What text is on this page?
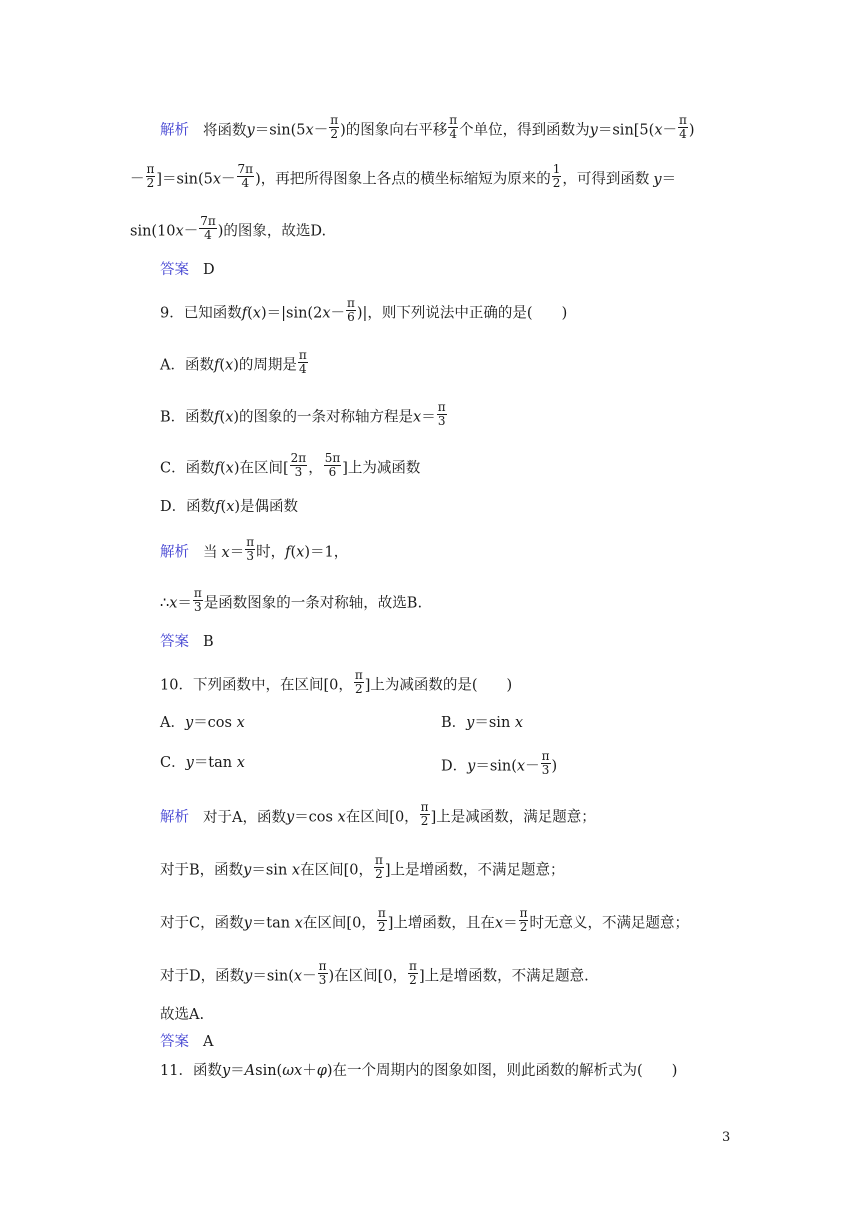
解析 将函数$y=\sin(5x- \frac{\pi}{2}$ )的图象向右平移 $\frac{\pi}{4}$ 个单位，得到函数为$y=\sin[5(x- \frac{\pi}{4}$ )
－ $\frac{\pi}{2} ]=\sin(5x- \frac{7\pi}{4}$ )，再把所得图象上各点的横坐标缩短为原来的 $\frac{1}{2}$ ，可得到函数 y＝
$\sin(10x- \frac{7\pi}{4}$ )的图象，故选D.
答案 D
9．已知函数$f(x)=|\sin(2x- \frac{\pi}{6}$ )|，则下列说法中正确的是(　　)
A．函数f(x)的周期是 $\frac{\pi}{4}$
B．函数f(x)的图象的一条对称轴方程是$x= \frac{\pi}{3}$
C．函数f(x)在区间[ $\frac{2\pi}{3}$ ， $\frac{5\pi}{6}$ ]上为减函数
D．函数f(x)是偶函数
解析 当 $x= \frac{\pi}{3}$ 时，f(x)＝1，
∴x＝ $\frac{\pi}{3}$ 是函数图象的一条对称轴，故选B.
答案 B
10．下列函数中，在区间[0， $\frac{\pi}{2}$ ]上为减函数的是(　　)
A．y＝cos x	B．y＝sin x
C．y＝tan x	D．$y=\sin(x- \frac{\pi}{3}$ )
解析 对于A，函数y＝cos x在区间[0， $\frac{\pi}{2}$ ]上是减函数，满足题意；
对于B，函数y＝sin x在区间[0， $\frac{\pi}{2}$ ]上是增函数，不满足题意；
对于C，函数y＝tan x在区间[0， $\frac{\pi}{2}$ ]上增函数，且在$x= \frac{\pi}{2}$ 时无意义，不满足题意；
对于D，函数$y=\sin(x- \frac{\pi}{3}$ )在区间[0， $\frac{\pi}{2}$ ]上是增函数，不满足题意.
故选A.
答案 A
11．函数y＝Asin(ωx＋φ)在一个周期内的图象如图，则此函数的解析式为(　　)
3
